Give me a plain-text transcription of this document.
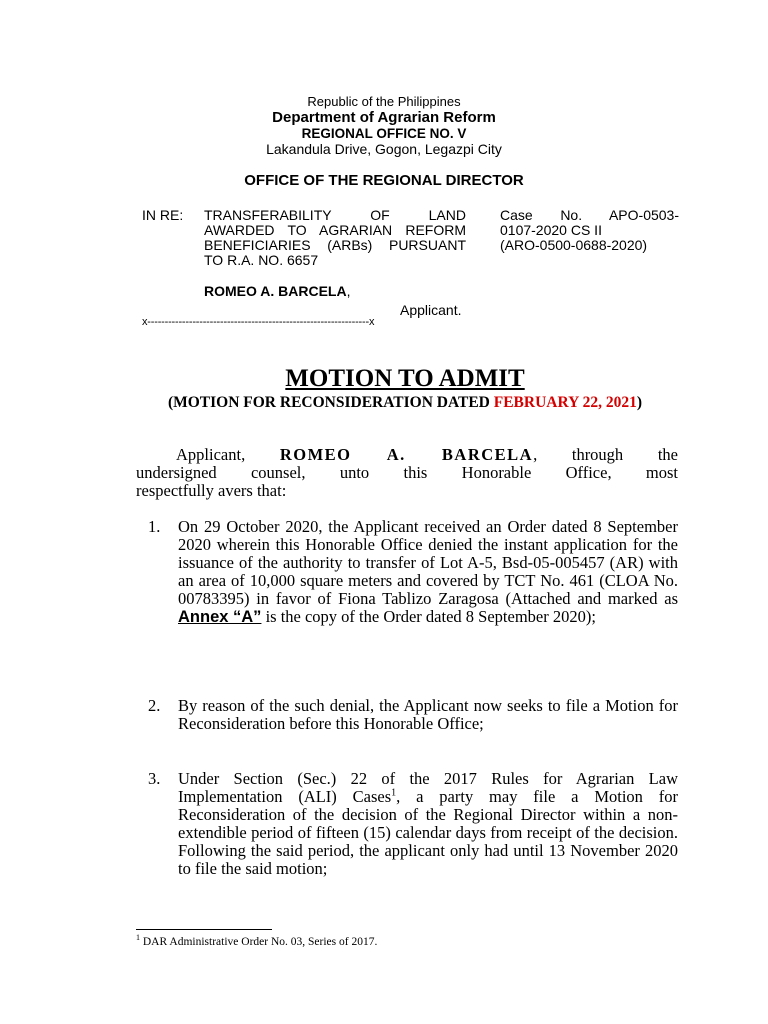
Republic of the Philippines
Department of Agrarian Reform
REGIONAL OFFICE NO. V
Lakandula Drive, Gogon, Legazpi City
OFFICE OF THE REGIONAL DIRECTOR
IN RE: TRANSFERABILITY OF LAND
AWARDED TO AGRARIAN REFORM
BENEFICIARIES (ARBs) PURSUANT
TO R.A. NO. 6657
Case No. APO-0503-
0107-2020 CS II
(ARO-0500-0688-2020)
ROMEO A. BARCELA,
Applicant.
x----------------------------------------------------------------x
MOTION TO ADMIT
(MOTION FOR RECONSIDERATION DATED FEBRUARY 22, 2021)
Applicant, ROMEO A. BARCELA, through the
undersigned counsel, unto this Honorable Office, most
respectfully avers that:
1. On 29 October 2020, the Applicant received an Order dated 8 September 2020 wherein this Honorable Office denied the instant application for the issuance of the authority to transfer of Lot A-5, Bsd-05-005457 (AR) with an area of 10,000 square meters and covered by TCT No. 461 (CLOA No. 00783395) in favor of Fiona Tablizo Zaragosa (Attached and marked as Annex “A” is the copy of the Order dated 8 September 2020);
2. By reason of the such denial, the Applicant now seeks to file a Motion for Reconsideration before this Honorable Office;
3. Under Section (Sec.) 22 of the 2017 Rules for Agrarian Law Implementation (ALI) Cases$^1$, a party may file a Motion for Reconsideration of the decision of the Regional Director within a non-extendible period of fifteen (15) calendar days from receipt of the decision. Following the said period, the applicant only had until 13 November 2020 to file the said motion;
$^1$ DAR Administrative Order No. 03, Series of 2017.
